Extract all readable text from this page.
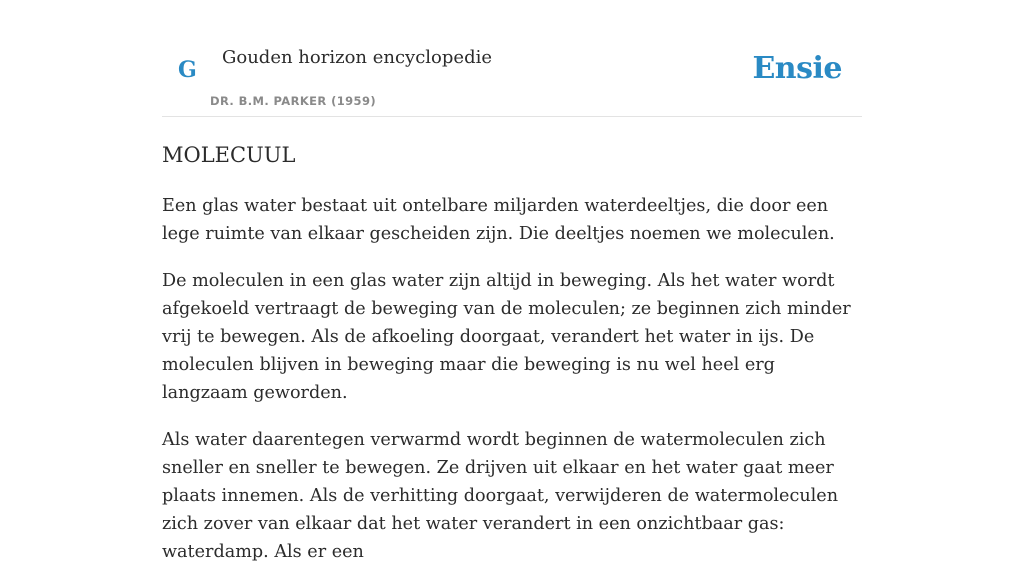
G Gouden horizon encyclopedie
DR. B.M. PARKER (1959)
Ensie
MOLECUUL

Een glas water bestaat uit ontelbare miljarden waterdeeltjes, die door een lege ruimte van elkaar gescheiden zijn. Die deeltjes noemen we moleculen.

De moleculen in een glas water zijn altijd in beweging. Als het water wordt afgekoeld vertraagt de beweging van de moleculen; ze beginnen zich minder vrij te bewegen. Als de afkoeling doorgaat, verandert het water in ijs. De moleculen blijven in beweging maar die beweging is nu wel heel erg langzaam geworden.

Als water daarentegen verwarmd wordt beginnen de watermoleculen zich sneller en sneller te bewegen. Ze drijven uit elkaar en het water gaat meer plaats innemen. Als de verhitting doorgaat, verwijderen de watermoleculen zich zover van elkaar dat het water verandert in een onzichtbaar gas: waterdamp. Als er een
